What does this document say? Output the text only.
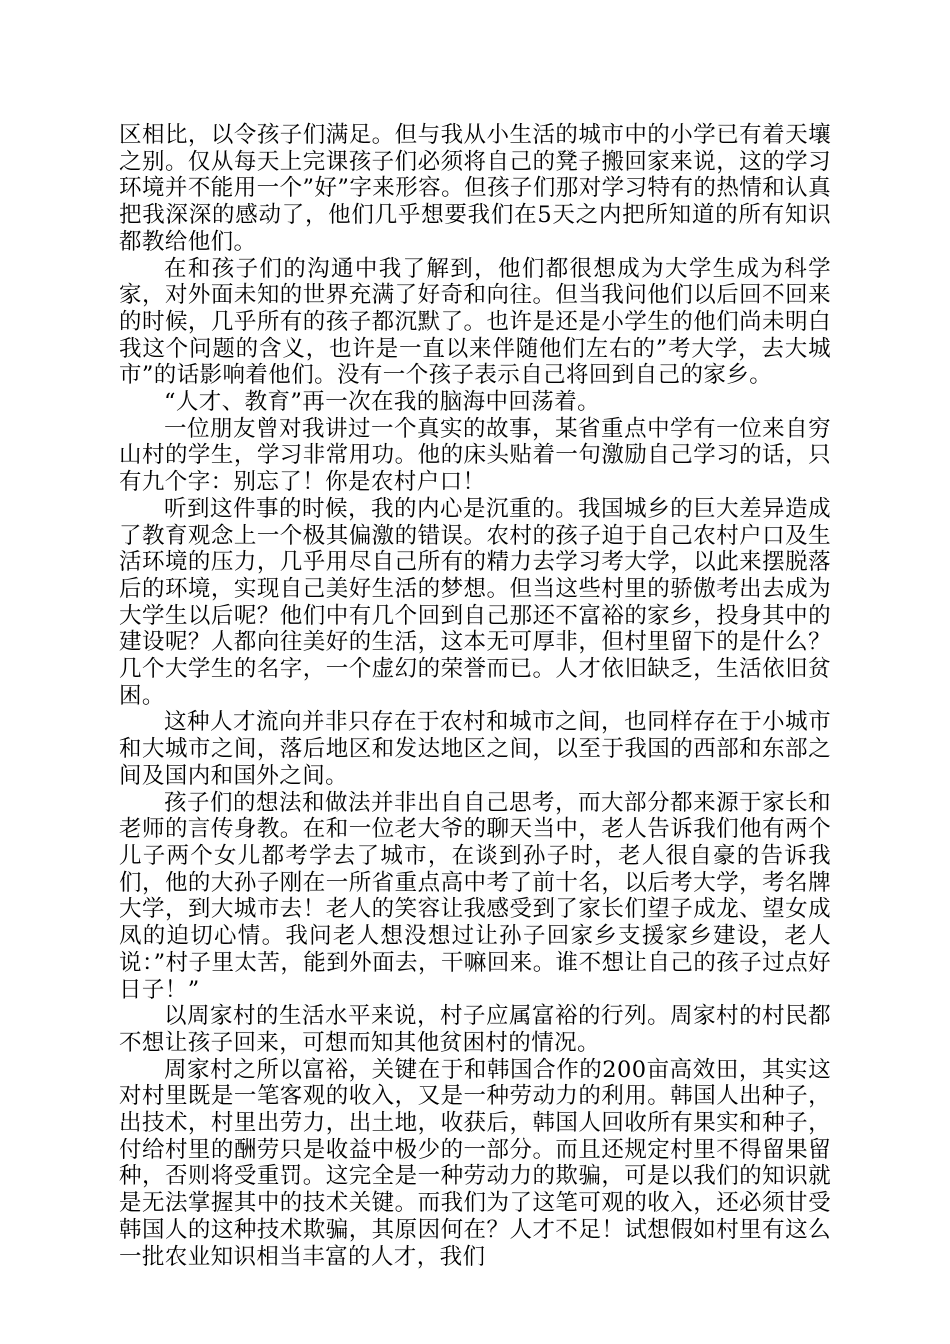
区相比，以令孩子们满足。但与我从小生活的城市中的小学已有着天壤之别。仅从每天上完课孩子们必须将自己的凳子搬回家来说，这的学习环境并不能用一个”好”字来形容。但孩子们那对学习特有的热情和认真把我深深的感动了，他们几乎想要我们在5天之内把所知道的所有知识都教给他们。

在和孩子们的沟通中我了解到，他们都很想成为大学生成为科学家，对外面未知的世界充满了好奇和向往。但当我问他们以后回不回来的时候，几乎所有的孩子都沉默了。也许是还是小学生的他们尚未明白我这个问题的含义，也许是一直以来伴随他们左右的”考大学，去大城市”的话影响着他们。没有一个孩子表示自己将回到自己的家乡。

“人才、教育”再一次在我的脑海中回荡着。

一位朋友曾对我讲过一个真实的故事，某省重点中学有一位来自穷山村的学生，学习非常用功。他的床头贴着一句激励自己学习的话，只有九个字：别忘了！你是农村户口！

听到这件事的时候，我的内心是沉重的。我国城乡的巨大差异造成了教育观念上一个极其偏激的错误。农村的孩子迫于自己农村户口及生活环境的压力，几乎用尽自己所有的精力去学习考大学，以此来摆脱落后的环境，实现自己美好生活的梦想。但当这些村里的骄傲考出去成为大学生以后呢？他们中有几个回到自己那还不富裕的家乡，投身其中的建设呢？人都向往美好的生活，这本无可厚非，但村里留下的是什么？几个大学生的名字，一个虚幻的荣誉而已。人才依旧缺乏，生活依旧贫困。

这种人才流向并非只存在于农村和城市之间，也同样存在于小城市和大城市之间，落后地区和发达地区之间，以至于我国的西部和东部之间及国内和国外之间。

孩子们的想法和做法并非出自自己思考，而大部分都来源于家长和老师的言传身教。在和一位老大爷的聊天当中，老人告诉我们他有两个儿子两个女儿都考学去了城市，在谈到孙子时，老人很自豪的告诉我们，他的大孙子刚在一所省重点高中考了前十名，以后考大学，考名牌大学，到大城市去！老人的笑容让我感受到了家长们望子成龙、望女成凤的迫切心情。我问老人想没想过让孙子回家乡支援家乡建设，老人说：”村子里太苦，能到外面去，干嘛回来。谁不想让自己的孩子过点好日子！”

以周家村的生活水平来说，村子应属富裕的行列。周家村的村民都不想让孩子回来，可想而知其他贫困村的情况。

周家村之所以富裕，关键在于和韩国合作的200亩高效田，其实这对村里既是一笔客观的收入，又是一种劳动力的利用。韩国人出种子，出技术，村里出劳力，出土地，收获后，韩国人回收所有果实和种子，付给村里的酬劳只是收益中极少的一部分。而且还规定村里不得留果留种，否则将受重罚。这完全是一种劳动力的欺骗，可是以我们的知识就是无法掌握其中的技术关键。而我们为了这笔可观的收入，还必须甘受韩国人的这种技术欺骗，其原因何在？人才不足！试想假如村里有这么一批农业知识相当丰富的人才，我们
